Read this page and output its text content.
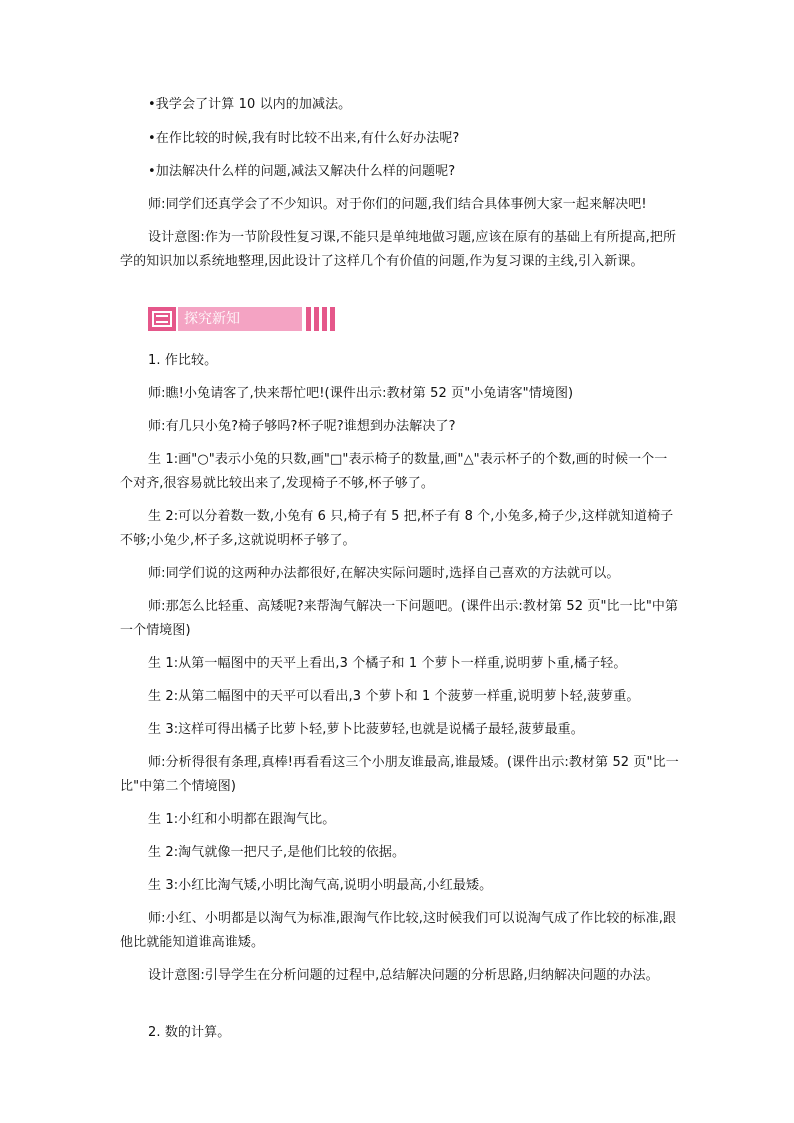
•我学会了计算 10 以内的加减法。

•在作比较的时候,我有时比较不出来,有什么好办法呢?

•加法解决什么样的问题,减法又解决什么样的问题呢?

师:同学们还真学会了不少知识。对于你们的问题,我们结合具体事例大家一起来解决吧!

设计意图:作为一节阶段性复习课,不能只是单纯地做习题,应该在原有的基础上有所提高,把所学的知识加以系统地整理,因此设计了这样几个有价值的问题,作为复习课的主线,引入新课。

探究新知

1. 作比较。

师:瞧!小兔请客了,快来帮忙吧!(课件出示:教材第 52 页"小兔请客"情境图)

师:有几只小兔?椅子够吗?杯子呢?谁想到办法解决了?

生 1:画"○"表示小兔的只数,画"□"表示椅子的数量,画"△"表示杯子的个数,画的时候一个一个对齐,很容易就比较出来了,发现椅子不够,杯子够了。

生 2:可以分着数一数,小兔有 6 只,椅子有 5 把,杯子有 8 个,小兔多,椅子少,这样就知道椅子不够;小兔少,杯子多,这就说明杯子够了。

师:同学们说的这两种办法都很好,在解决实际问题时,选择自己喜欢的方法就可以。

师:那怎么比轻重、高矮呢?来帮淘气解决一下问题吧。(课件出示:教材第 52 页"比一比"中第一个情境图)

生 1:从第一幅图中的天平上看出,3 个橘子和 1 个萝卜一样重,说明萝卜重,橘子轻。

生 2:从第二幅图中的天平可以看出,3 个萝卜和 1 个菠萝一样重,说明萝卜轻,菠萝重。

生 3:这样可得出橘子比萝卜轻,萝卜比菠萝轻,也就是说橘子最轻,菠萝最重。

师:分析得很有条理,真棒!再看看这三个小朋友谁最高,谁最矮。(课件出示:教材第 52 页"比一比"中第二个情境图)

生 1:小红和小明都在跟淘气比。

生 2:淘气就像一把尺子,是他们比较的依据。

生 3:小红比淘气矮,小明比淘气高,说明小明最高,小红最矮。

师:小红、小明都是以淘气为标准,跟淘气作比较,这时候我们可以说淘气成了作比较的标准,跟他比就能知道谁高谁矮。

设计意图:引导学生在分析问题的过程中,总结解决问题的分析思路,归纳解决问题的办法。

2. 数的计算。
